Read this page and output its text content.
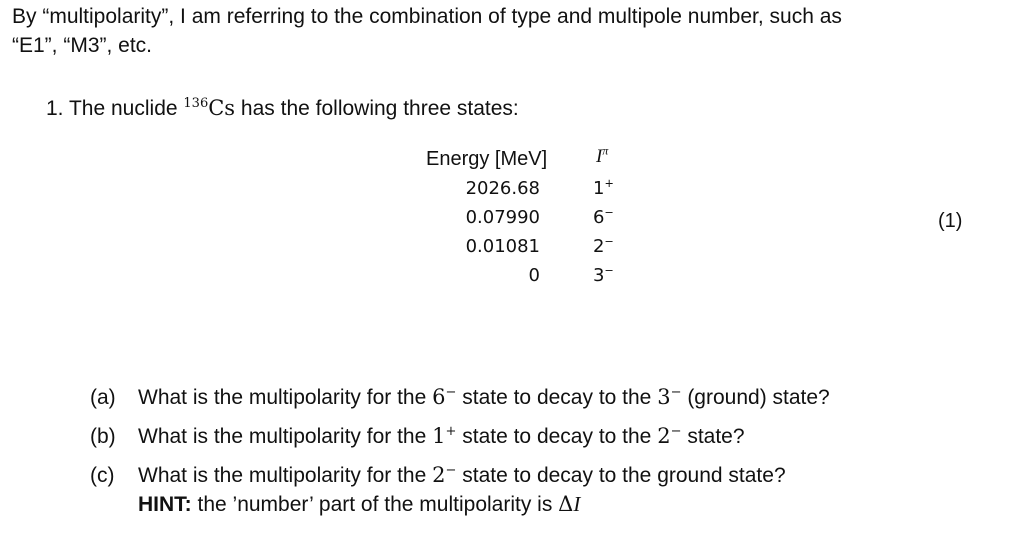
By “multipolarity”, I am referring to the combination of type and multipole number, such as
“E1”, “M3”, etc.
1. The nuclide $^{136}$Cs has the following three states:
Energy [MeV]	$I^\pi$
2026.68	1+
0.07990	6−
0.01081	2−
0	3−
(1)
(a) What is the multipolarity for the 6− state to decay to the 3− (ground) state?
(b) What is the multipolarity for the 1+ state to decay to the 2− state?
(c) What is the multipolarity for the 2− state to decay to the ground state?
HINT: the ’number’ part of the multipolarity is ΔI
